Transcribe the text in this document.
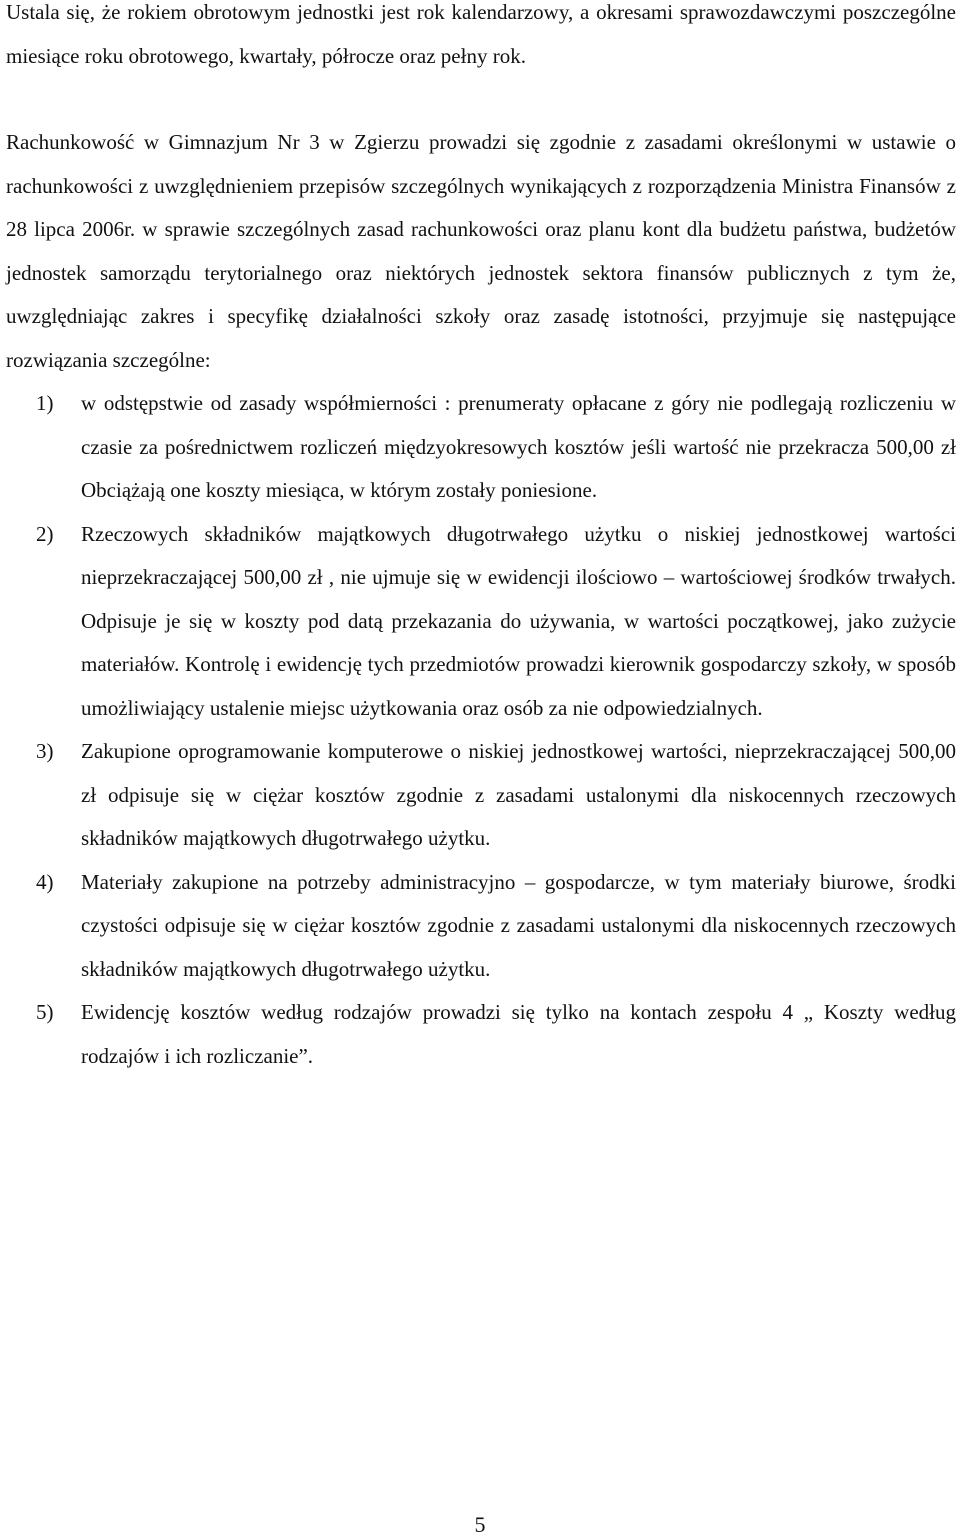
Ustala się, że rokiem obrotowym jednostki jest rok kalendarzowy, a okresami sprawozdawczymi poszczególne miesiące roku obrotowego, kwartały, półrocze oraz pełny rok.

Rachunkowość w Gimnazjum Nr 3 w Zgierzu prowadzi się zgodnie z zasadami określonymi w ustawie o rachunkowości z uwzględnieniem przepisów szczególnych wynikających z rozporządzenia Ministra Finansów z 28 lipca 2006r. w sprawie szczególnych zasad rachunkowości oraz planu kont dla budżetu państwa, budżetów jednostek samorządu terytorialnego oraz niektórych jednostek sektora finansów publicznych z tym że, uwzględniając zakres i specyfikę działalności szkoły oraz zasadę istotności, przyjmuje się następujące rozwiązania szczególne:

1) w odstępstwie od zasady współmierności : prenumeraty opłacane z góry nie podlegają rozliczeniu w czasie za pośrednictwem rozliczeń międzyokresowych kosztów jeśli wartość nie przekracza 500,00 zł Obciążają one koszty miesiąca, w którym zostały poniesione.
2) Rzeczowych składników majątkowych długotrwałego użytku o niskiej jednostkowej wartości nieprzekraczającej 500,00 zł , nie ujmuje się w ewidencji ilościowo – wartościowej środków trwałych. Odpisuje je się w koszty pod datą przekazania do używania, w wartości początkowej, jako zużycie materiałów. Kontrolę i ewidencję tych przedmiotów prowadzi kierownik gospodarczy szkoły, w sposób umożliwiający ustalenie miejsc użytkowania oraz osób za nie odpowiedzialnych.
3) Zakupione oprogramowanie komputerowe o niskiej jednostkowej wartości, nieprzekraczającej 500,00 zł odpisuje się w ciężar kosztów zgodnie z zasadami ustalonymi dla niskocennych rzeczowych składników majątkowych długotrwałego użytku.
4) Materiały zakupione na potrzeby administracyjno – gospodarcze, w tym materiały biurowe, środki czystości odpisuje się w ciężar kosztów zgodnie z zasadami ustalonymi dla niskocennych rzeczowych składników majątkowych długotrwałego użytku.
5) Ewidencję kosztów według rodzajów prowadzi się tylko na kontach zespołu 4 „ Koszty według rodzajów i ich rozliczanie”.
5
